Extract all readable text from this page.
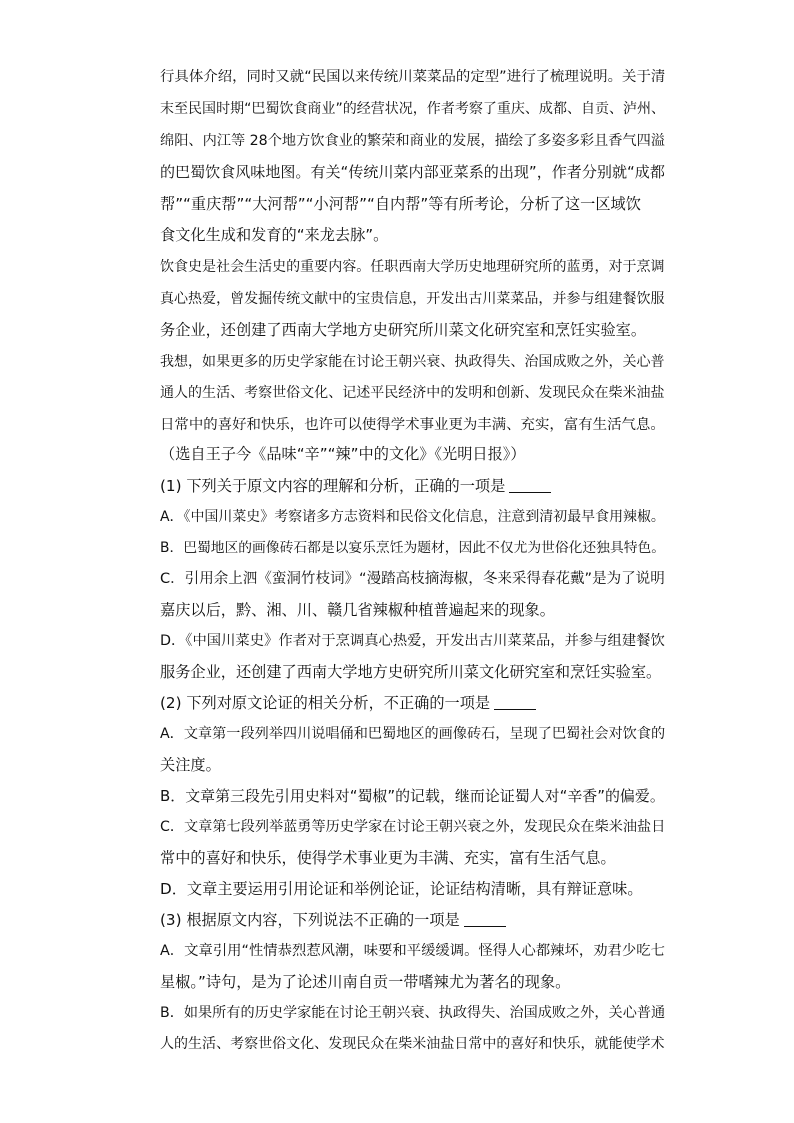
行具体介绍，同时又就“民国以来传统川菜菜品的定型”进行了梳理说明。关于清
末至民国时期“巴蜀饮食商业”的经营状况，作者考察了重庆、成都、自贡、泸州、
绵阳、内江等 28个地方饮食业的繁荣和商业的发展，描绘了多姿多彩且香气四溢
的巴蜀饮食风味地图。有关“传统川菜内部亚菜系的出现”，作者分别就“成都
帮”“重庆帮”“大河帮”“小河帮”“自内帮”等有所考论，分析了这一区域饮
食文化生成和发育的“来龙去脉”。
饮食史是社会生活史的重要内容。任职西南大学历史地理研究所的蓝勇，对于烹调
真心热爱，曾发掘传统文献中的宝贵信息，开发出古川菜菜品，并参与组建餐饮服
务企业，还创建了西南大学地方史研究所川菜文化研究室和烹饪实验室。
我想，如果更多的历史学家能在讨论王朝兴衰、执政得失、治国成败之外，关心普
通人的生活、考察世俗文化、记述平民经济中的发明和创新、发现民众在柴米油盐
日常中的喜好和快乐，也许可以使得学术事业更为丰满、充实，富有生活气息。
（选自王子今《品味“辛”“辣”中的文化》《光明日报》）
(1) 下列关于原文内容的理解和分析，正确的一项是
A．《中国川菜史》考察诸多方志资料和民俗文化信息，注意到清初最早食用辣椒。
B．巴蜀地区的画像砖石都是以宴乐烹饪为题材，因此不仅尤为世俗化还独具特色。
C．引用余上泗《蛮洞竹枝词》“漫踏高枝摘海椒，冬来采得春花戴”是为了说明
嘉庆以后，黔、湘、川、赣几省辣椒种植普遍起来的现象。
D．《中国川菜史》作者对于烹调真心热爱，开发出古川菜菜品，并参与组建餐饮
服务企业，还创建了西南大学地方史研究所川菜文化研究室和烹饪实验室。
(2) 下列对原文论证的相关分析，不正确的一项是
A．文章第一段列举四川说唱俑和巴蜀地区的画像砖石，呈现了巴蜀社会对饮食的
关注度。
B．文章第三段先引用史料对“蜀椒”的记载，继而论证蜀人对“辛香”的偏爱。
C．文章第七段列举蓝勇等历史学家在讨论王朝兴衰之外，发现民众在柴米油盐日
常中的喜好和快乐，使得学术事业更为丰满、充实，富有生活气息。
D．文章主要运用引用论证和举例论证，论证结构清晰，具有辩证意味。
(3) 根据原文内容，下列说法不正确的一项是
A．文章引用“性情恭烈惹风潮，味要和平缓缓调。怪得人心都辣坏，劝君少吃七
星椒。”诗句，是为了论述川南自贡一带嗜辣尤为著名的现象。
B．如果所有的历史学家能在讨论王朝兴衰、执政得失、治国成败之外，关心普通
人的生活、考察世俗文化、发现民众在柴米油盐日常中的喜好和快乐，就能使学术
